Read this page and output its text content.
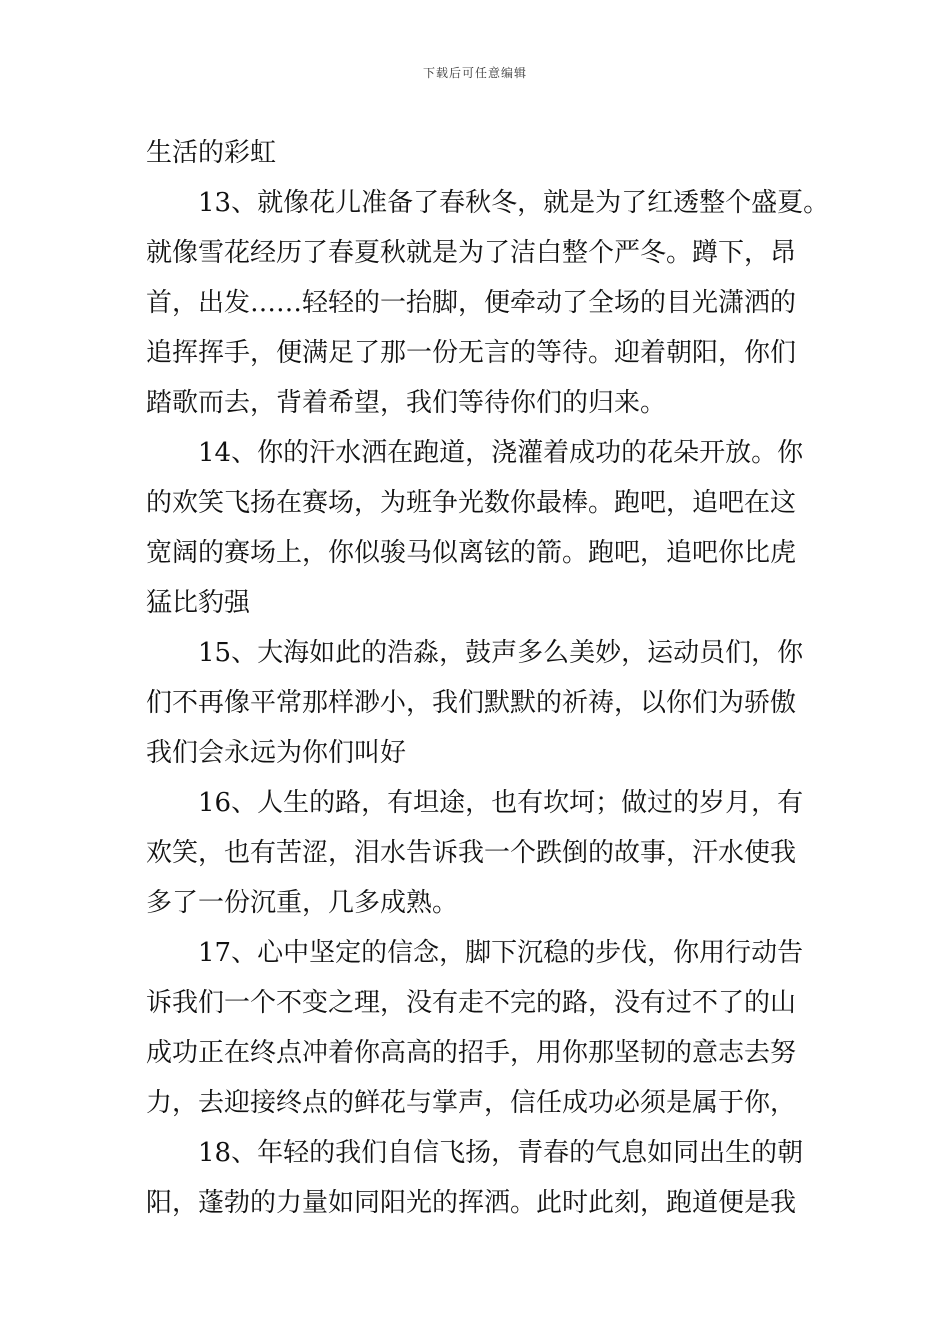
下载后可任意编辑
生活的彩虹
13、就像花儿准备了春秋冬，就是为了红透整个盛夏。
就像雪花经历了春夏秋就是为了洁白整个严冬。蹲下，昂
首，出发……轻轻的一抬脚，便牵动了全场的目光潇洒的
追挥挥手，便满足了那一份无言的等待。迎着朝阳，你们
踏歌而去，背着希望，我们等待你们的归来。
14、你的汗水洒在跑道，浇灌着成功的花朵开放。你
的欢笑飞扬在赛场，为班争光数你最棒。跑吧，追吧在这
宽阔的赛场上，你似骏马似离铉的箭。跑吧，追吧你比虎
猛比豹强
15、大海如此的浩淼，鼓声多么美妙，运动员们，你
们不再像平常那样渺小，我们默默的祈祷，以你们为骄傲
我们会永远为你们叫好
16、人生的路，有坦途，也有坎坷；做过的岁月，有
欢笑，也有苦涩，泪水告诉我一个跌倒的故事，汗水使我
多了一份沉重，几多成熟。
17、心中坚定的信念，脚下沉稳的步伐，你用行动告
诉我们一个不变之理，没有走不完的路，没有过不了的山
成功正在终点冲着你高高的招手，用你那坚韧的意志去努
力，去迎接终点的鲜花与掌声，信任成功必须是属于你，
18、年轻的我们自信飞扬，青春的气息如同出生的朝
阳，蓬勃的力量如同阳光的挥洒。此时此刻，跑道便是我
